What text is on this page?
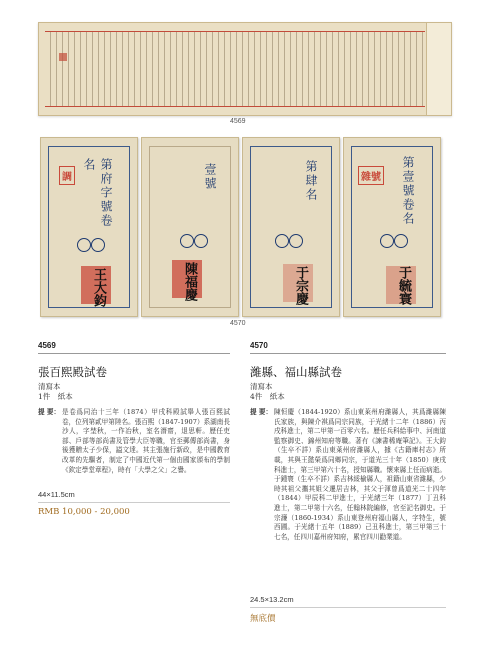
4569
調
第府字號卷名
王大鈞
壹號
陳福慶
第肆名
于宗慶
雜號
第壹號卷名
于毓寰
4570
4569
張百熙殿試卷
清寫本
1件　紙本
提 要： 是卷爲同治十三年（1874）甲戌科殿試舉人張百熙試卷，位列第貳甲第陸名。張百熙（1847-1907）系湖南長沙人，字埜秋，一作冶秋，室名潛齋，退思軒。歷任吏部、戶部等部尚書及管學大臣等職，官至郵傳部尚書，身後獲贈太子少保，謚文達。其主張施行新政，是中國教育改革的先驅者，制定了中國近代第一個由國家頒布的學制《欽定學堂章程》，時有「大學之父」之譽。
44×11.5cm
RMB 10,000 - 20,000
4570
濰縣、福山縣試卷
清寫本
4件　紙本
提 要： 陳恒慶（1844-1920）系山東萊州府濰縣人，其爲濰縣陳氏家族，與陳介祺爲同宗同族，于光緒十二年（1886）丙戌科進士，第二甲第一百零六名。歷任兵科給事中、河南道監察御史、錦州知府等職。著有《諫書稀庵筆記》。王大鈞（生卒不詳）系山東萊州府濰縣人，據《古籍庫村志》所載，其與王懿榮爲同鄉同宗，于道光三十年（1850）庚戌科進士，第三甲第六十名，授知縣職。懷來縣上任而病逝。于鍾寰（生卒不詳）系吉林綏榆縣人，祖籍山東省濰縣，少時其祖父攜其姐父遷居吉林，其父于渾曾爲道光二十四年（1844）甲辰科二甲進士，于光緒三年（1877）丁丑科進士，第二甲第十六名，任翰林院編修，官至記名御史。于宗濂（1860-1934）系山東登州府福山縣人，字特生，號西圃。于光緒十五年（1889）己丑科進士，第三甲第三十七名，任四川嘉州府知府，累官四川勸業道。
24.5×13.2cm
無底價
